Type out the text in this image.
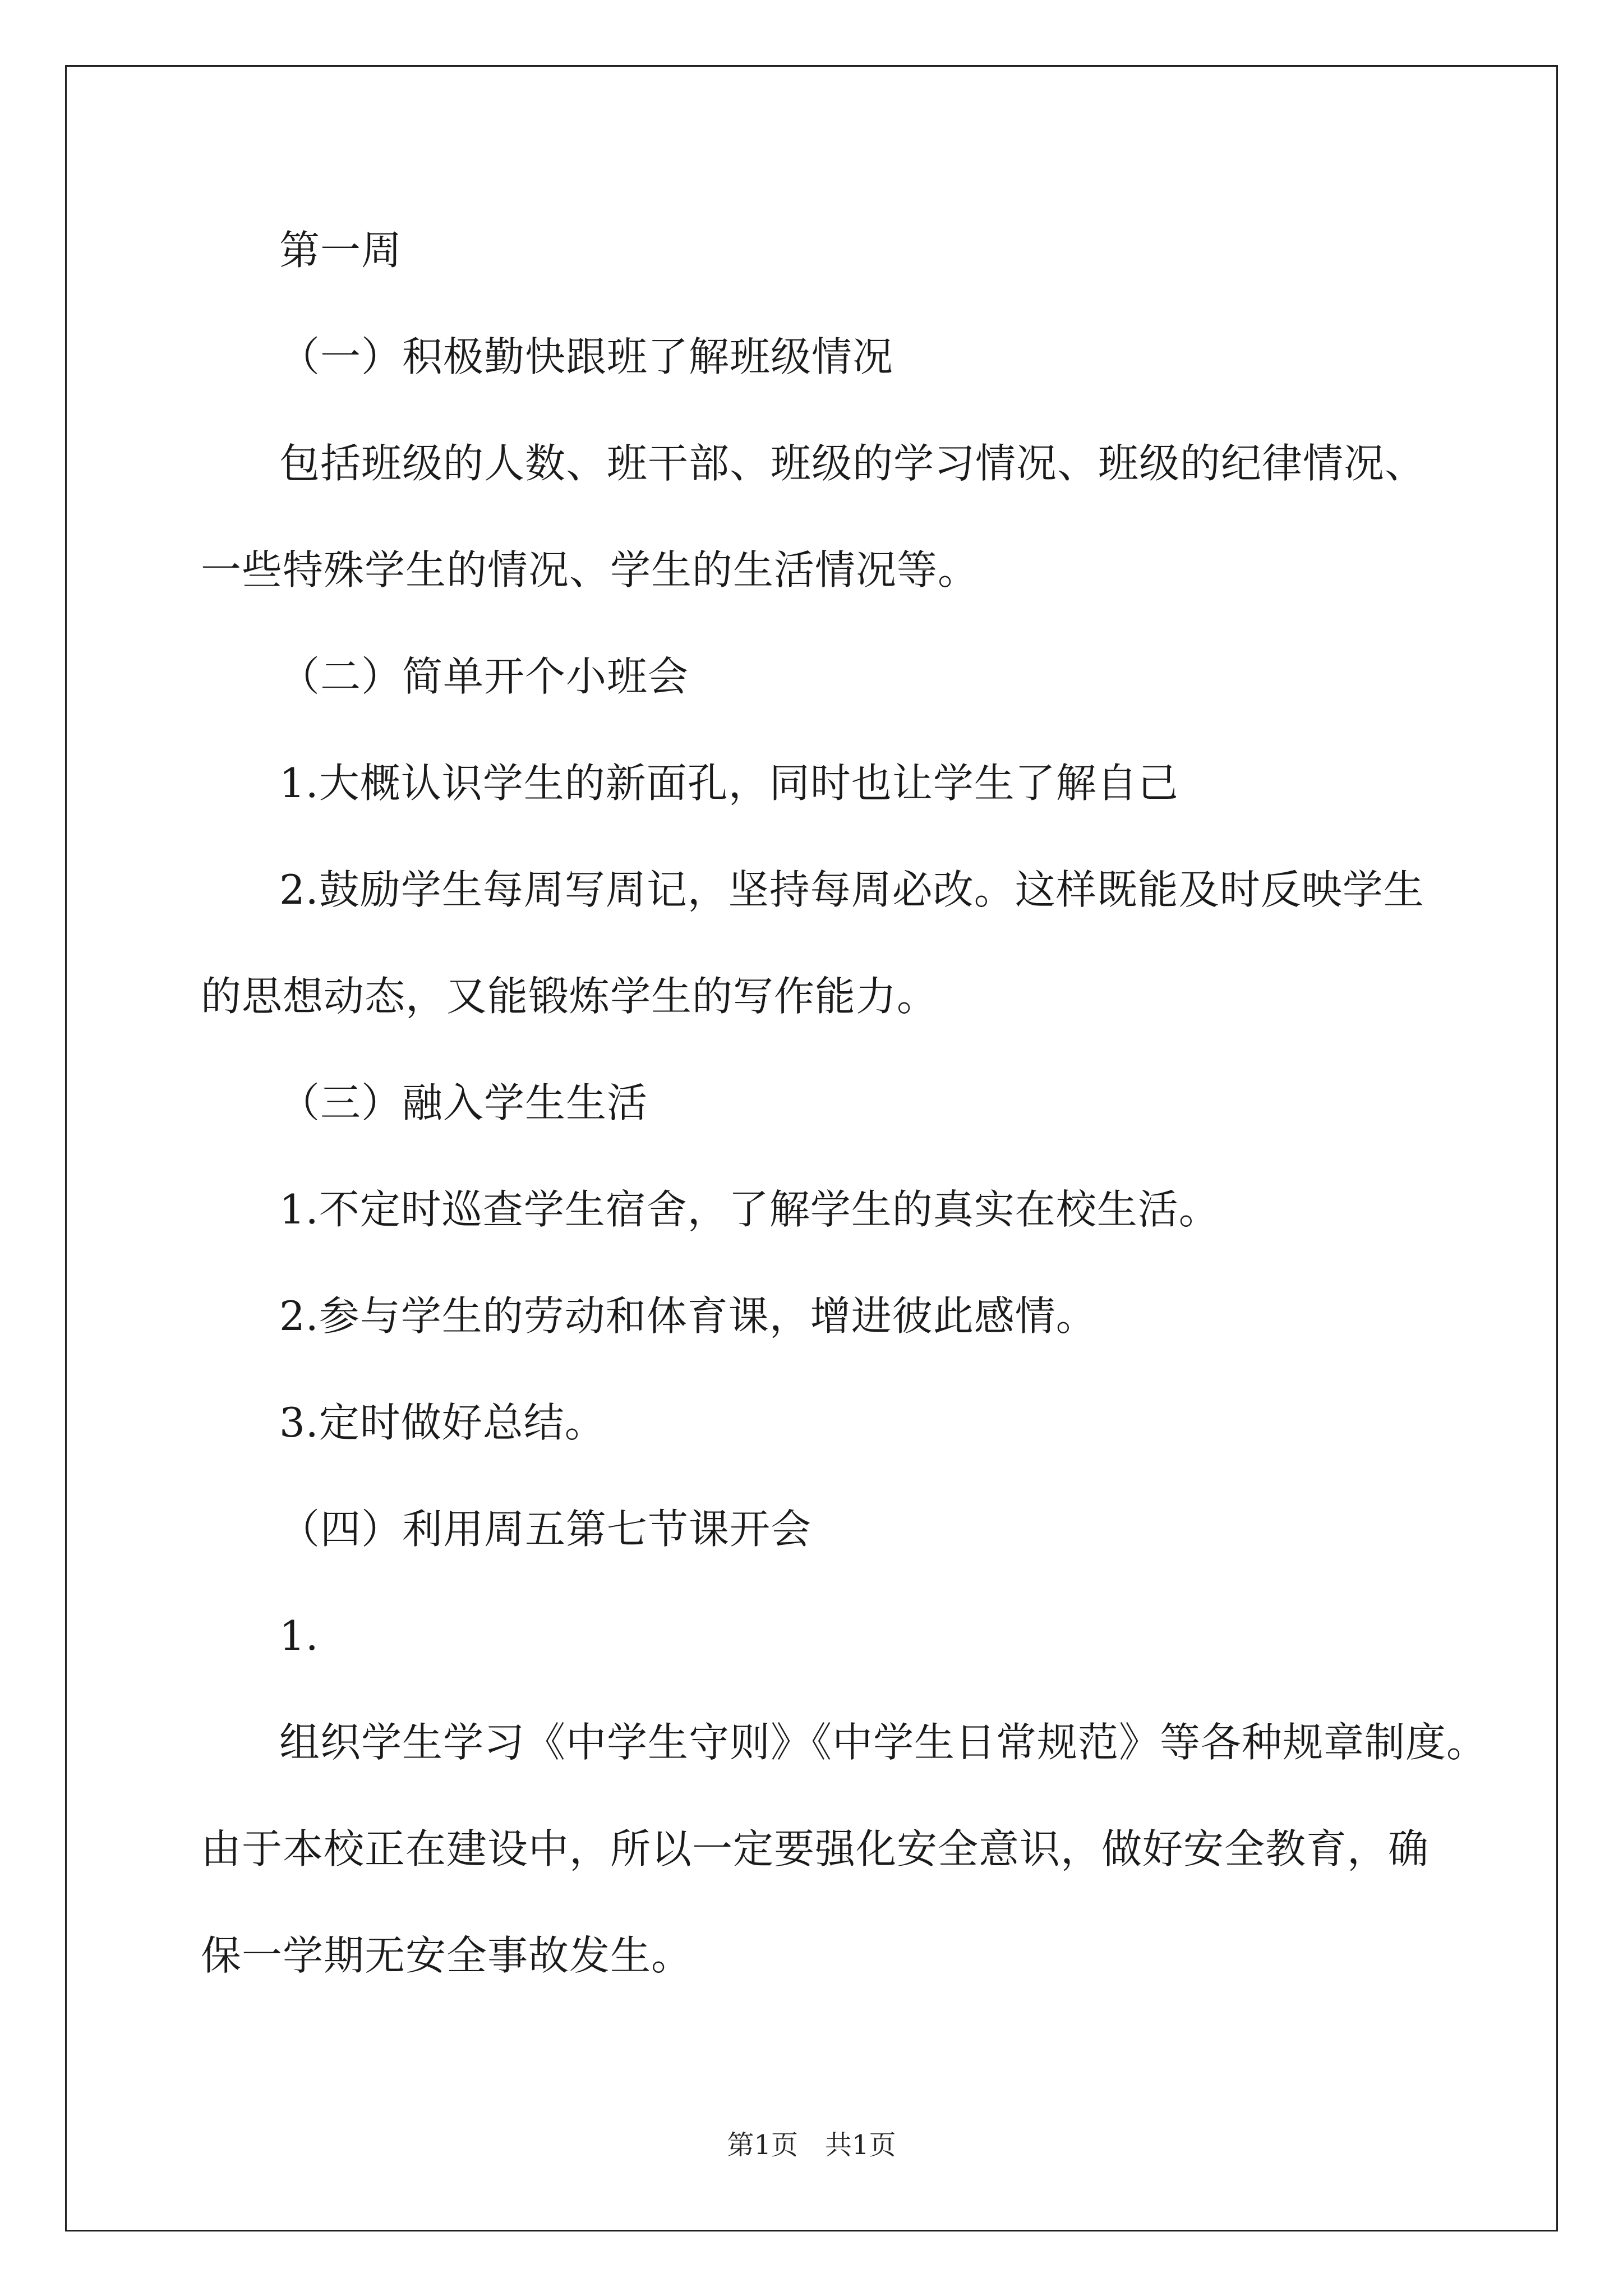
第一周
（一）积极勤快跟班了解班级情况
包括班级的人数、班干部、班级的学习情况、班级的纪律情况、
一些特殊学生的情况、学生的生活情况等。
（二）简单开个小班会
1.大概认识学生的新面孔，同时也让学生了解自己
2.鼓励学生每周写周记，坚持每周必改。这样既能及时反映学生
的思想动态，又能锻炼学生的写作能力。
（三）融入学生生活
1.不定时巡查学生宿舍，了解学生的真实在校生活。
2.参与学生的劳动和体育课，增进彼此感情。
3.定时做好总结。
（四）利用周五第七节课开会
1.
组织学生学习《中学生守则》《中学生日常规范》等各种规章制度。
由于本校正在建设中，所以一定要强化安全意识，做好安全教育，确
保一学期无安全事故发生。
第1页　共1页
